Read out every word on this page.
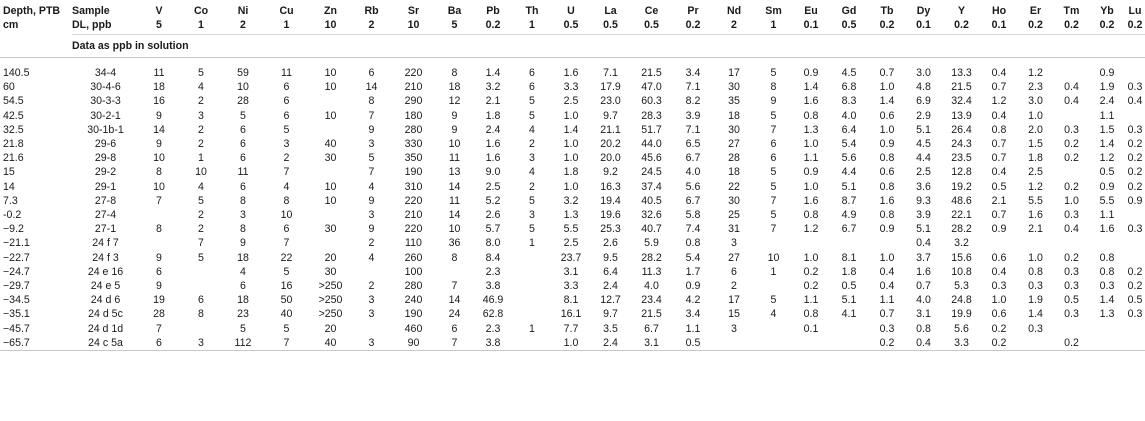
Depth, PTB	Sample	V	Co	Ni	Cu	Zn	Rb	Sr	Ba	Pb	Th	U	La	Ce	Pr	Nd	Sm	Eu	Gd	Tb	Dy	Y	Ho	Er	Tm	Yb	Lu
cm	DL, ppb	5	1	2	1	10	2	10	5	0.2	1	0.5	0.5	0.5	0.2	2	1	0.1	0.5	0.2	0.1	0.2	0.1	0.2	0.2	0.2	0.2
	Data as ppb in solution																										

140.5	34-4	11	5	59	11	10	6	220	8	1.4	6	1.6	7.1	21.5	3.4	17	5	0.9	4.5	0.7	3.0	13.3	0.4	1.2		0.9	
60	30-4-6	18	4	10	6	10	14	210	18	3.2	6	3.3	17.9	47.0	7.1	30	8	1.4	6.8	1.0	4.8	21.5	0.7	2.3	0.4	1.9	0.3
54.5	30-3-3	16	2	28	6		8	290	12	2.1	5	2.5	23.0	60.3	8.2	35	9	1.6	8.3	1.4	6.9	32.4	1.2	3.0	0.4	2.4	0.4
42.5	30-2-1	9	3	5	6	10	7	180	9	1.8	5	1.0	9.7	28.3	3.9	18	5	0.8	4.0	0.6	2.9	13.9	0.4	1.0		1.1	
32.5	30-1b-1	14	2	6	5		9	280	9	2.4	4	1.4	21.1	51.7	7.1	30	7	1.3	6.4	1.0	5.1	26.4	0.8	2.0	0.3	1.5	0.3
21.8	29-6	9	2	6	3	40	3	330	10	1.6	2	1.0	20.2	44.0	6.5	27	6	1.0	5.4	0.9	4.5	24.3	0.7	1.5	0.2	1.4	0.2
21.6	29-8	10	1	6	2	30	5	350	11	1.6	3	1.0	20.0	45.6	6.7	28	6	1.1	5.6	0.8	4.4	23.5	0.7	1.8	0.2	1.2	0.2
15	29-2	8	10	11	7		7	190	13	9.0	4	1.8	9.2	24.5	4.0	18	5	0.9	4.4	0.6	2.5	12.8	0.4	2.5		0.5	0.2
14	29-1	10	4	6	4	10	4	310	14	2.5	2	1.0	16.3	37.4	5.6	22	5	1.0	5.1	0.8	3.6	19.2	0.5	1.2	0.2	0.9	0.2
7.3	27-8	7	5	8	8	10	9	220	11	5.2	5	3.2	19.4	40.5	6.7	30	7	1.6	8.7	1.6	9.3	48.6	2.1	5.5	1.0	5.5	0.9
-0.2	27-4		2	3	10		3	210	14	2.6	3	1.3	19.6	32.6	5.8	25	5	0.8	4.9	0.8	3.9	22.1	0.7	1.6	0.3	1.1	
−9.2	27-1	8	2	8	6	30	9	220	10	5.7	5	5.5	25.3	40.7	7.4	31	7	1.2	6.7	0.9	5.1	28.2	0.9	2.1	0.4	1.6	0.3
−21.1	24 f 7		7	9	7		2	110	36	8.0	1	2.5	2.6	5.9	0.8	3					0.4	3.2					
−22.7	24 f 3	9	5	18	22	20	4	260	8	8.4		23.7	9.5	28.2	5.4	27	10	1.0	8.1	1.0	3.7	15.6	0.6	1.0	0.2	0.8	
−24.7	24 e 16	6		4	5	30		100		2.3		3.1	6.4	11.3	1.7	6	1	0.2	1.8	0.4	1.6	10.8	0.4	0.8	0.3	0.8	0.2
−29.7	24 e 5	9		6	16	>250	2	280	7	3.8		3.3	2.4	4.0	0.9	2		0.2	0.5	0.4	0.7	5.3	0.3	0.3	0.3	0.3	0.2
−34.5	24 d 6	19	6	18	50	>250	3	240	14	46.9		8.1	12.7	23.4	4.2	17	5	1.1	5.1	1.1	4.0	24.8	1.0	1.9	0.5	1.4	0.5
−35.1	24 d 5c	28	8	23	40	>250	3	190	24	62.8		16.1	9.7	21.5	3.4	15	4	0.8	4.1	0.7	3.1	19.9	0.6	1.4	0.3	1.3	0.3
−45.7	24 d 1d	7		5	5	20		460	6	2.3	1	7.7	3.5	6.7	1.1	3		0.1		0.3	0.8	5.6	0.2	0.3			
−65.7	24 c 5a	6	3	112	7	40	3	90	7	3.8		1.0	2.4	3.1	0.5					0.2	0.4	3.3	0.2		0.2		
